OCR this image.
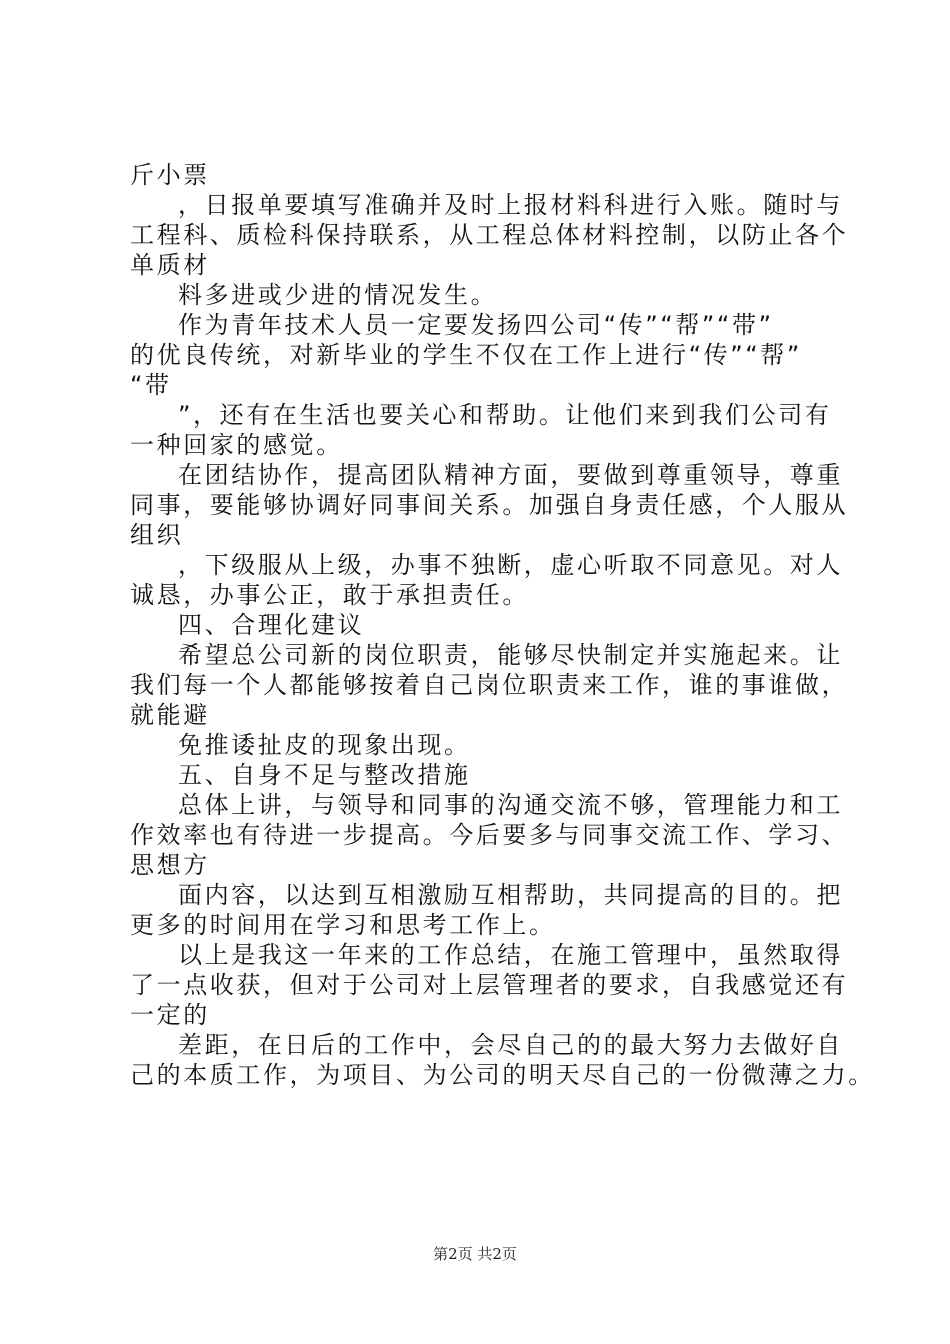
斤小票
，日报单要填写准确并及时上报材料科进行入账。随时与
工程科、质检科保持联系，从工程总体材料控制，以防止各个
单质材
料多进或少进的情况发生。
作为青年技术人员一定要发扬四公司“传”“帮”“带”
的优良传统，对新毕业的学生不仅在工作上进行“传”“帮”
“带
”，还有在生活也要关心和帮助。让他们来到我们公司有
一种回家的感觉。
在团结协作，提高团队精神方面，要做到尊重领导，尊重
同事，要能够协调好同事间关系。加强自身责任感，个人服从
组织
，下级服从上级，办事不独断，虚心听取不同意见。对人
诚恳，办事公正，敢于承担责任。
四、合理化建议
希望总公司新的岗位职责，能够尽快制定并实施起来。让
我们每一个人都能够按着自己岗位职责来工作，谁的事谁做，
就能避
免推诿扯皮的现象出现。
五、自身不足与整改措施
总体上讲，与领导和同事的沟通交流不够，管理能力和工
作效率也有待进一步提高。今后要多与同事交流工作、学习、
思想方
面内容，以达到互相激励互相帮助，共同提高的目的。把
更多的时间用在学习和思考工作上。
以上是我这一年来的工作总结，在施工管理中，虽然取得
了一点收获，但对于公司对上层管理者的要求，自我感觉还有
一定的
差距，在日后的工作中，会尽自己的的最大努力去做好自
己的本质工作，为项目、为公司的明天尽自己的一份微薄之力。
第2页 共2页
